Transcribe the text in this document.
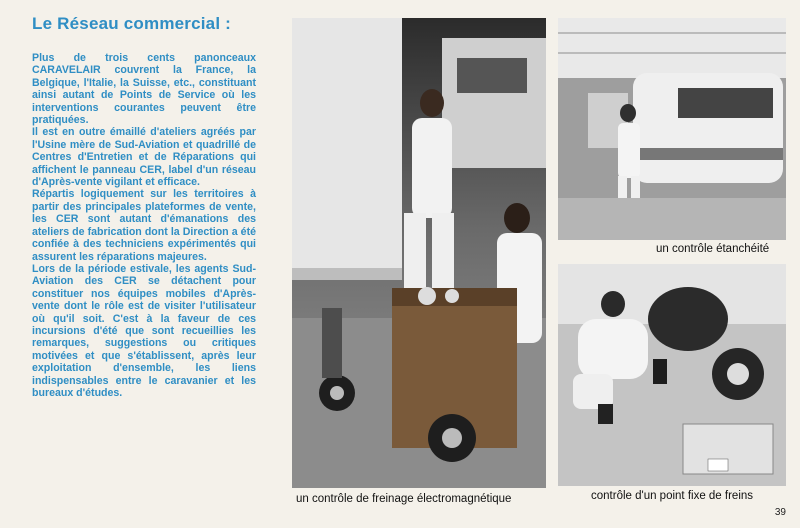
Le Réseau commercial :

Plus de trois cents panonceaux CARAVELAIR couvrent la France, la Belgique, l'Italie, la Suisse, etc., constituant ainsi autant de Points de Service où les interventions courantes peuvent être pratiquées.

Il est en outre émaillé d'ateliers agréés par l'Usine mère de Sud-Aviation et quadrillé de Centres d'Entretien et de Réparations qui affichent le panneau CER, label d'un réseau d'Après-vente vigilant et efficace.

Répartis logiquement sur les territoires à partir des principales plateformes de vente, les CER sont autant d'émanations des ateliers de fabrication dont la Direction a été confiée à des techniciens expérimentés qui assurent les réparations majeures.

Lors de la période estivale, les agents Sud-Aviation des CER se détachent pour constituer nos équipes mobiles d'Après-vente dont le rôle est de visiter l'utilisateur où qu'il soit. C'est à la faveur de ces incursions d'été que sont recueillies les remarques, suggestions ou critiques motivées et que s'établissent, après leur exploitation d'ensemble, les liens indispensables entre le caravanier et les bureaux d'études.

un contrôle de freinage électromagnétique
un contrôle étanchéité
contrôle d'un point fixe de freins
39
